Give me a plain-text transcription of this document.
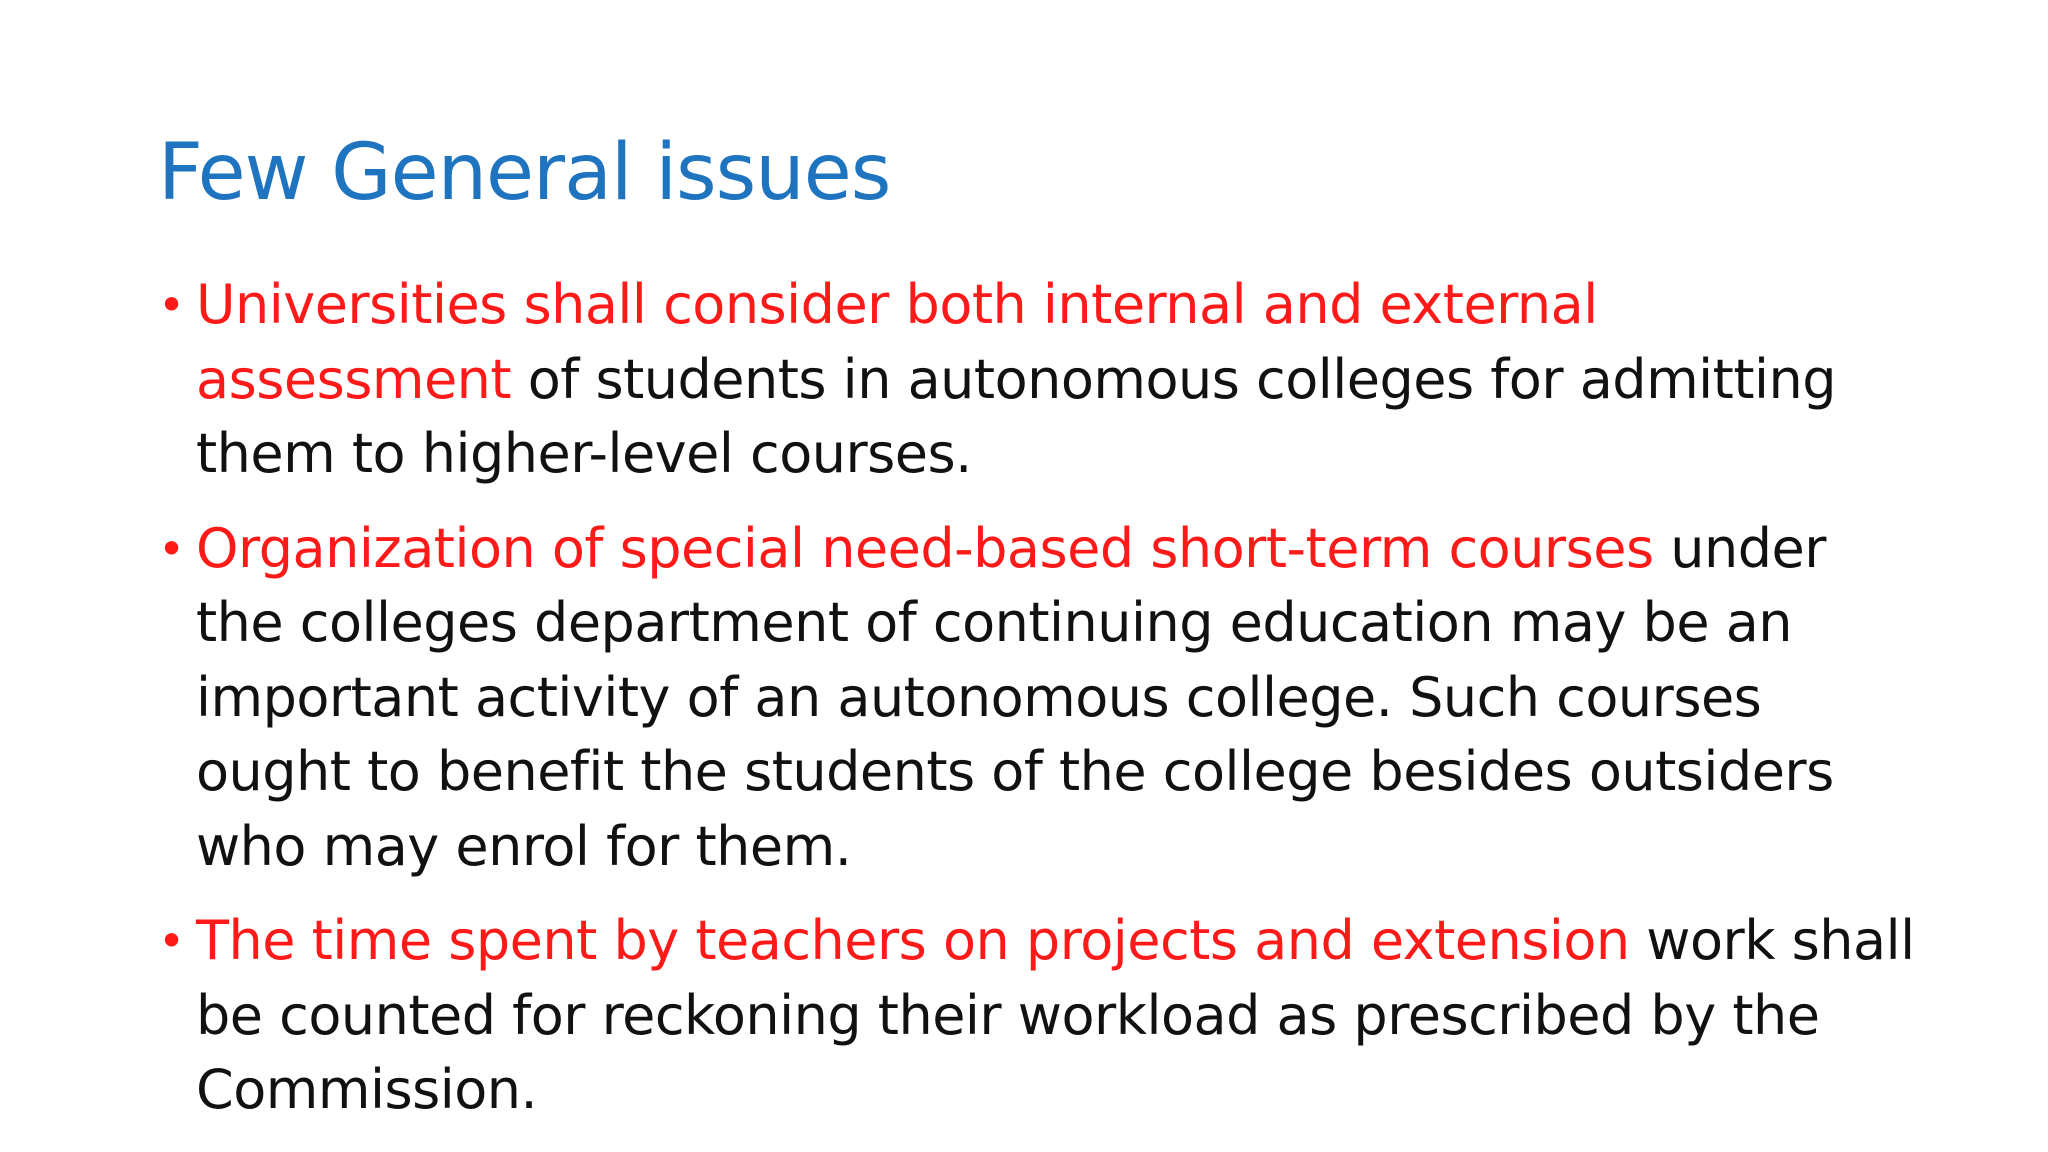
Few General issues
• Universities shall consider both internal and external assessment of students in autonomous colleges for admitting them to higher-level courses.
• Organization of special need-based short-term courses under the colleges department of continuing education may be an important activity of an autonomous college. Such courses ought to benefit the students of the college besides outsiders who may enrol for them.
• The time spent by teachers on projects and extension work shall be counted for reckoning their workload as prescribed by the Commission.
